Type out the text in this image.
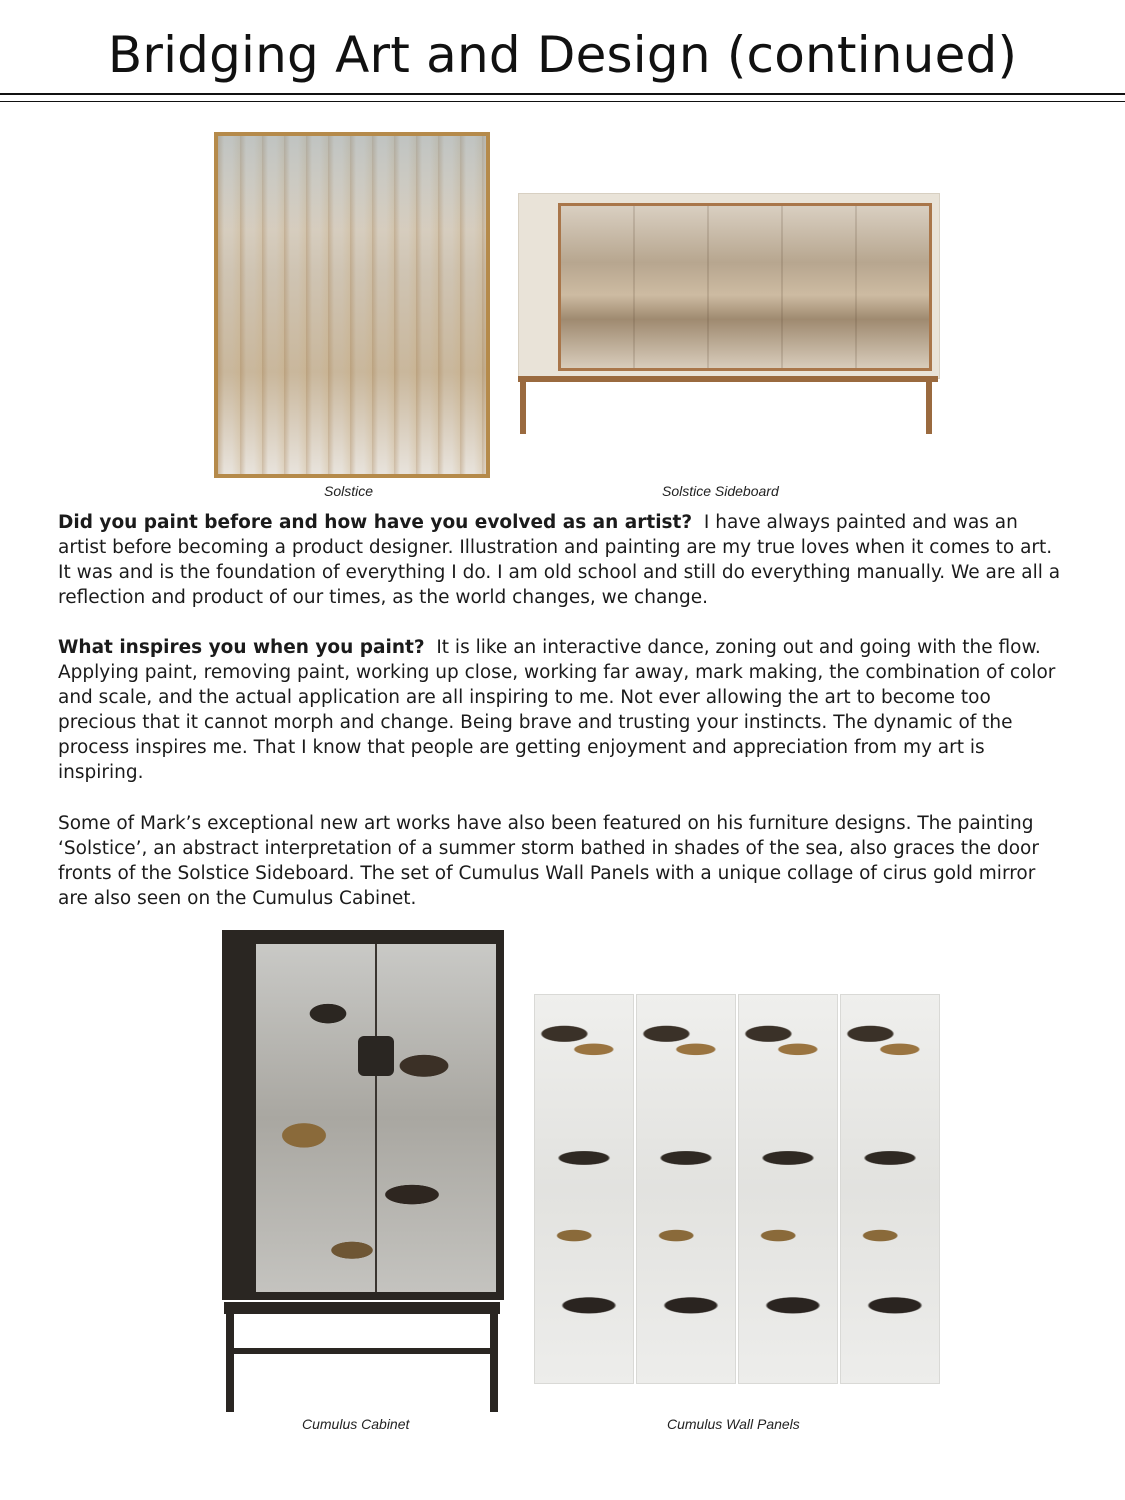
Bridging Art and Design (continued)
Solstice	Solstice Sideboard

Did you paint before and how have you evolved as an artist? I have always painted and was an artist before becoming a product designer. Illustration and painting are my true loves when it comes to art. It was and is the foundation of everything I do. I am old school and still do everything manually. We are all a reflection and product of our times, as the world changes, we change.

What inspires you when you paint? It is like an interactive dance, zoning out and going with the flow. Applying paint, removing paint, working up close, working far away, mark making, the combination of color and scale, and the actual application are all inspiring to me. Not ever allowing the art to become too precious that it cannot morph and change. Being brave and trusting your instincts. The dynamic of the process inspires me. That I know that people are getting enjoyment and appreciation from my art is inspiring.

Some of Mark’s exceptional new art works have also been featured on his furniture designs. The painting ‘Solstice’, an abstract interpretation of a summer storm bathed in shades of the sea, also graces the door fronts of the Solstice Sideboard. The set of Cumulus Wall Panels with a unique collage of cirus gold mirror are also seen on the Cumulus Cabinet.

Cumulus Cabinet	Cumulus Wall Panels
